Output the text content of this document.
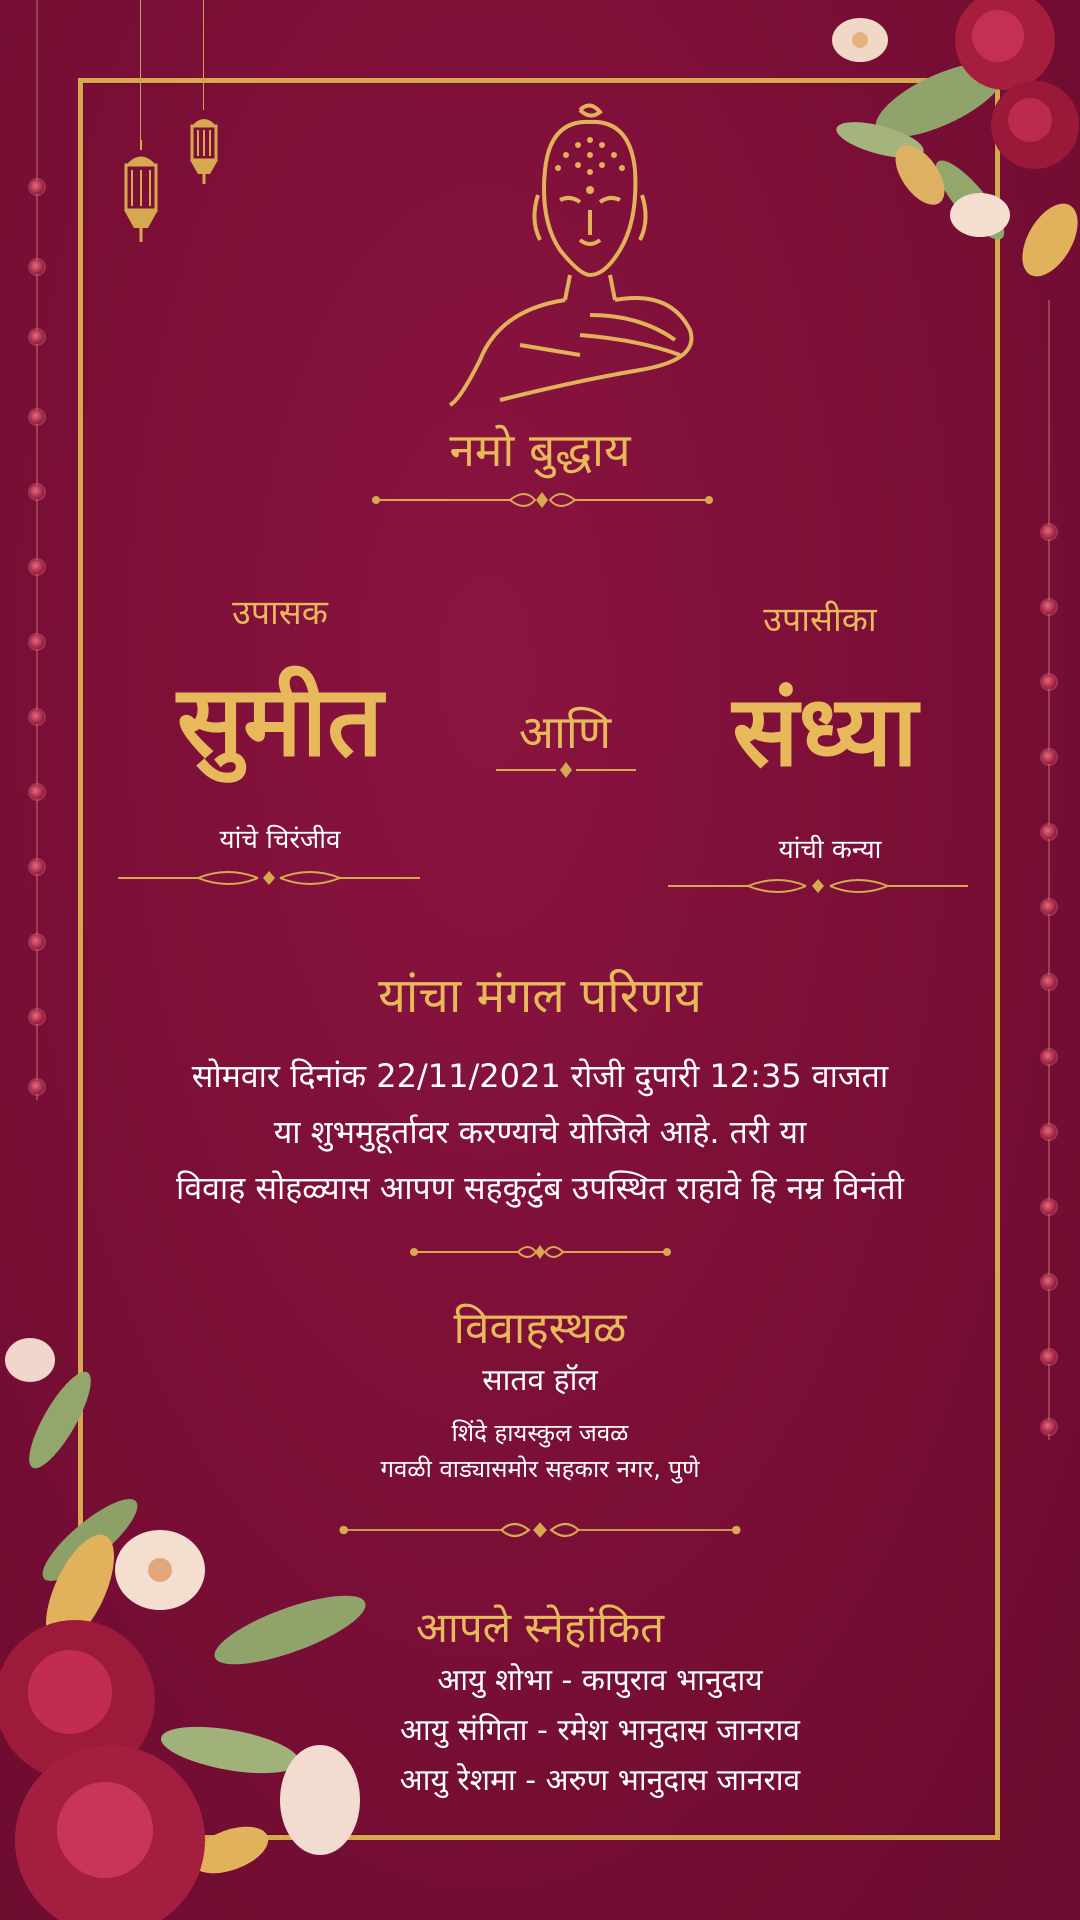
नमो बुद्धाय
उपासक	उपासीका
सुमीत	संध्या
आणि
यांचे चिरंजीव	यांची कन्या
यांचा मंगल परिणय
सोमवार दिनांक 22/11/2021 रोजी दुपारी 12:35 वाजता
या शुभमुहूर्तावर करण्याचे योजिले आहे. तरी या
विवाह सोहळ्यास आपण सहकुटुंब उपस्थित राहावे हि नम्र विनंती
विवाहस्थळ
सातव हॉल
शिंदे हायस्कुल जवळ
गवळी वाड्यासमोर सहकार नगर, पुणे
आपले स्नेहांकित
आयु शोभा - कापुराव भानुदाय
आयु संगिता - रमेश भानुदास जानराव
आयु रेशमा - अरुण भानुदास जानराव
